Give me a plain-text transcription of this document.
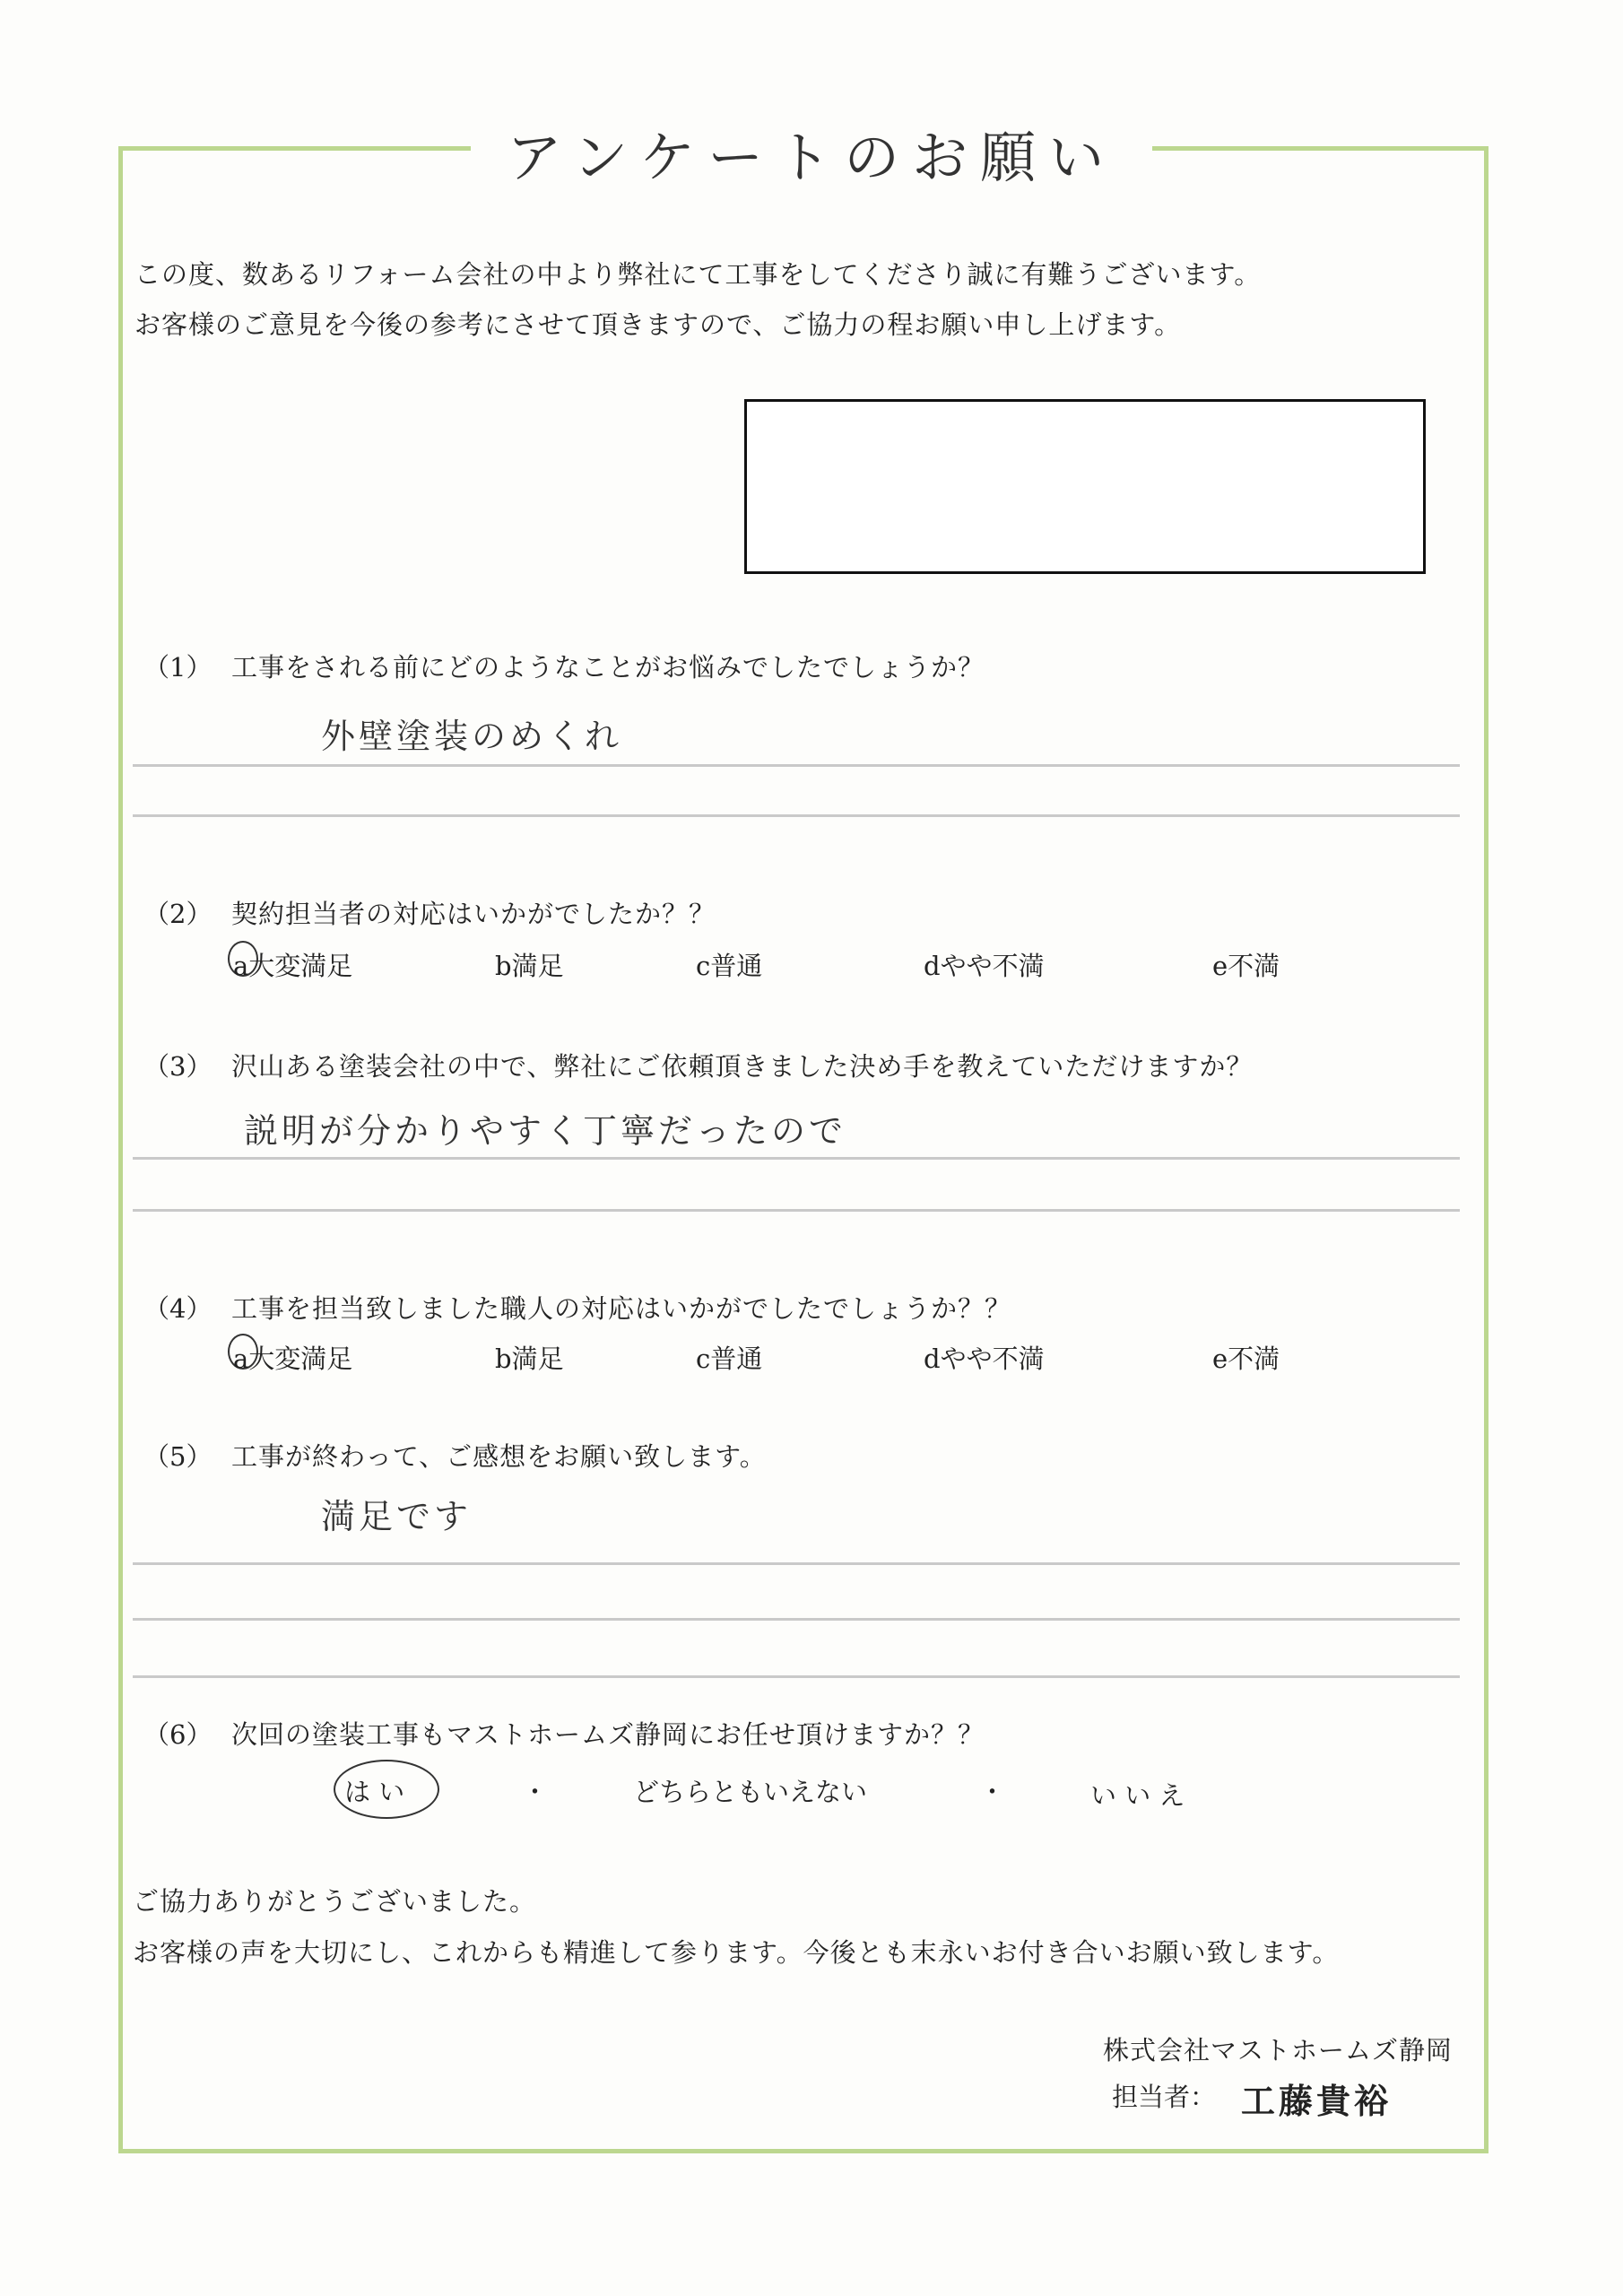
アンケートのお願い
この度、数あるリフォーム会社の中より弊社にて工事をしてくださり誠に有難うございます。
お客様のご意見を今後の参考にさせて頂きますので、ご協力の程お願い申し上げます。
（1） 工事をされる前にどのようなことがお悩みでしたでしょうか？
外壁塗装のめくれ
（2） 契約担当者の対応はいかがでしたか？？
a大変満足	b満足	c普通	dやや不満	e不満
（3） 沢山ある塗装会社の中で、弊社にご依頼頂きました決め手を教えていただけますか？
説明が分かりやすく丁寧だったので
（4） 工事を担当致しました職人の対応はいかがでしたでしょうか？？
a大変満足	b満足	c普通	dやや不満	e不満
（5） 工事が終わって、ご感想をお願い致します。
満足です
（6） 次回の塗装工事もマストホームズ静岡にお任せ頂けますか？？
は い	・	どちらともいえない	・	い い え
ご協力ありがとうございました。
お客様の声を大切にし、これからも精進して参ります。今後とも末永いお付き合いお願い致します。
株式会社マストホームズ静岡
担当者： 工藤貴裕
